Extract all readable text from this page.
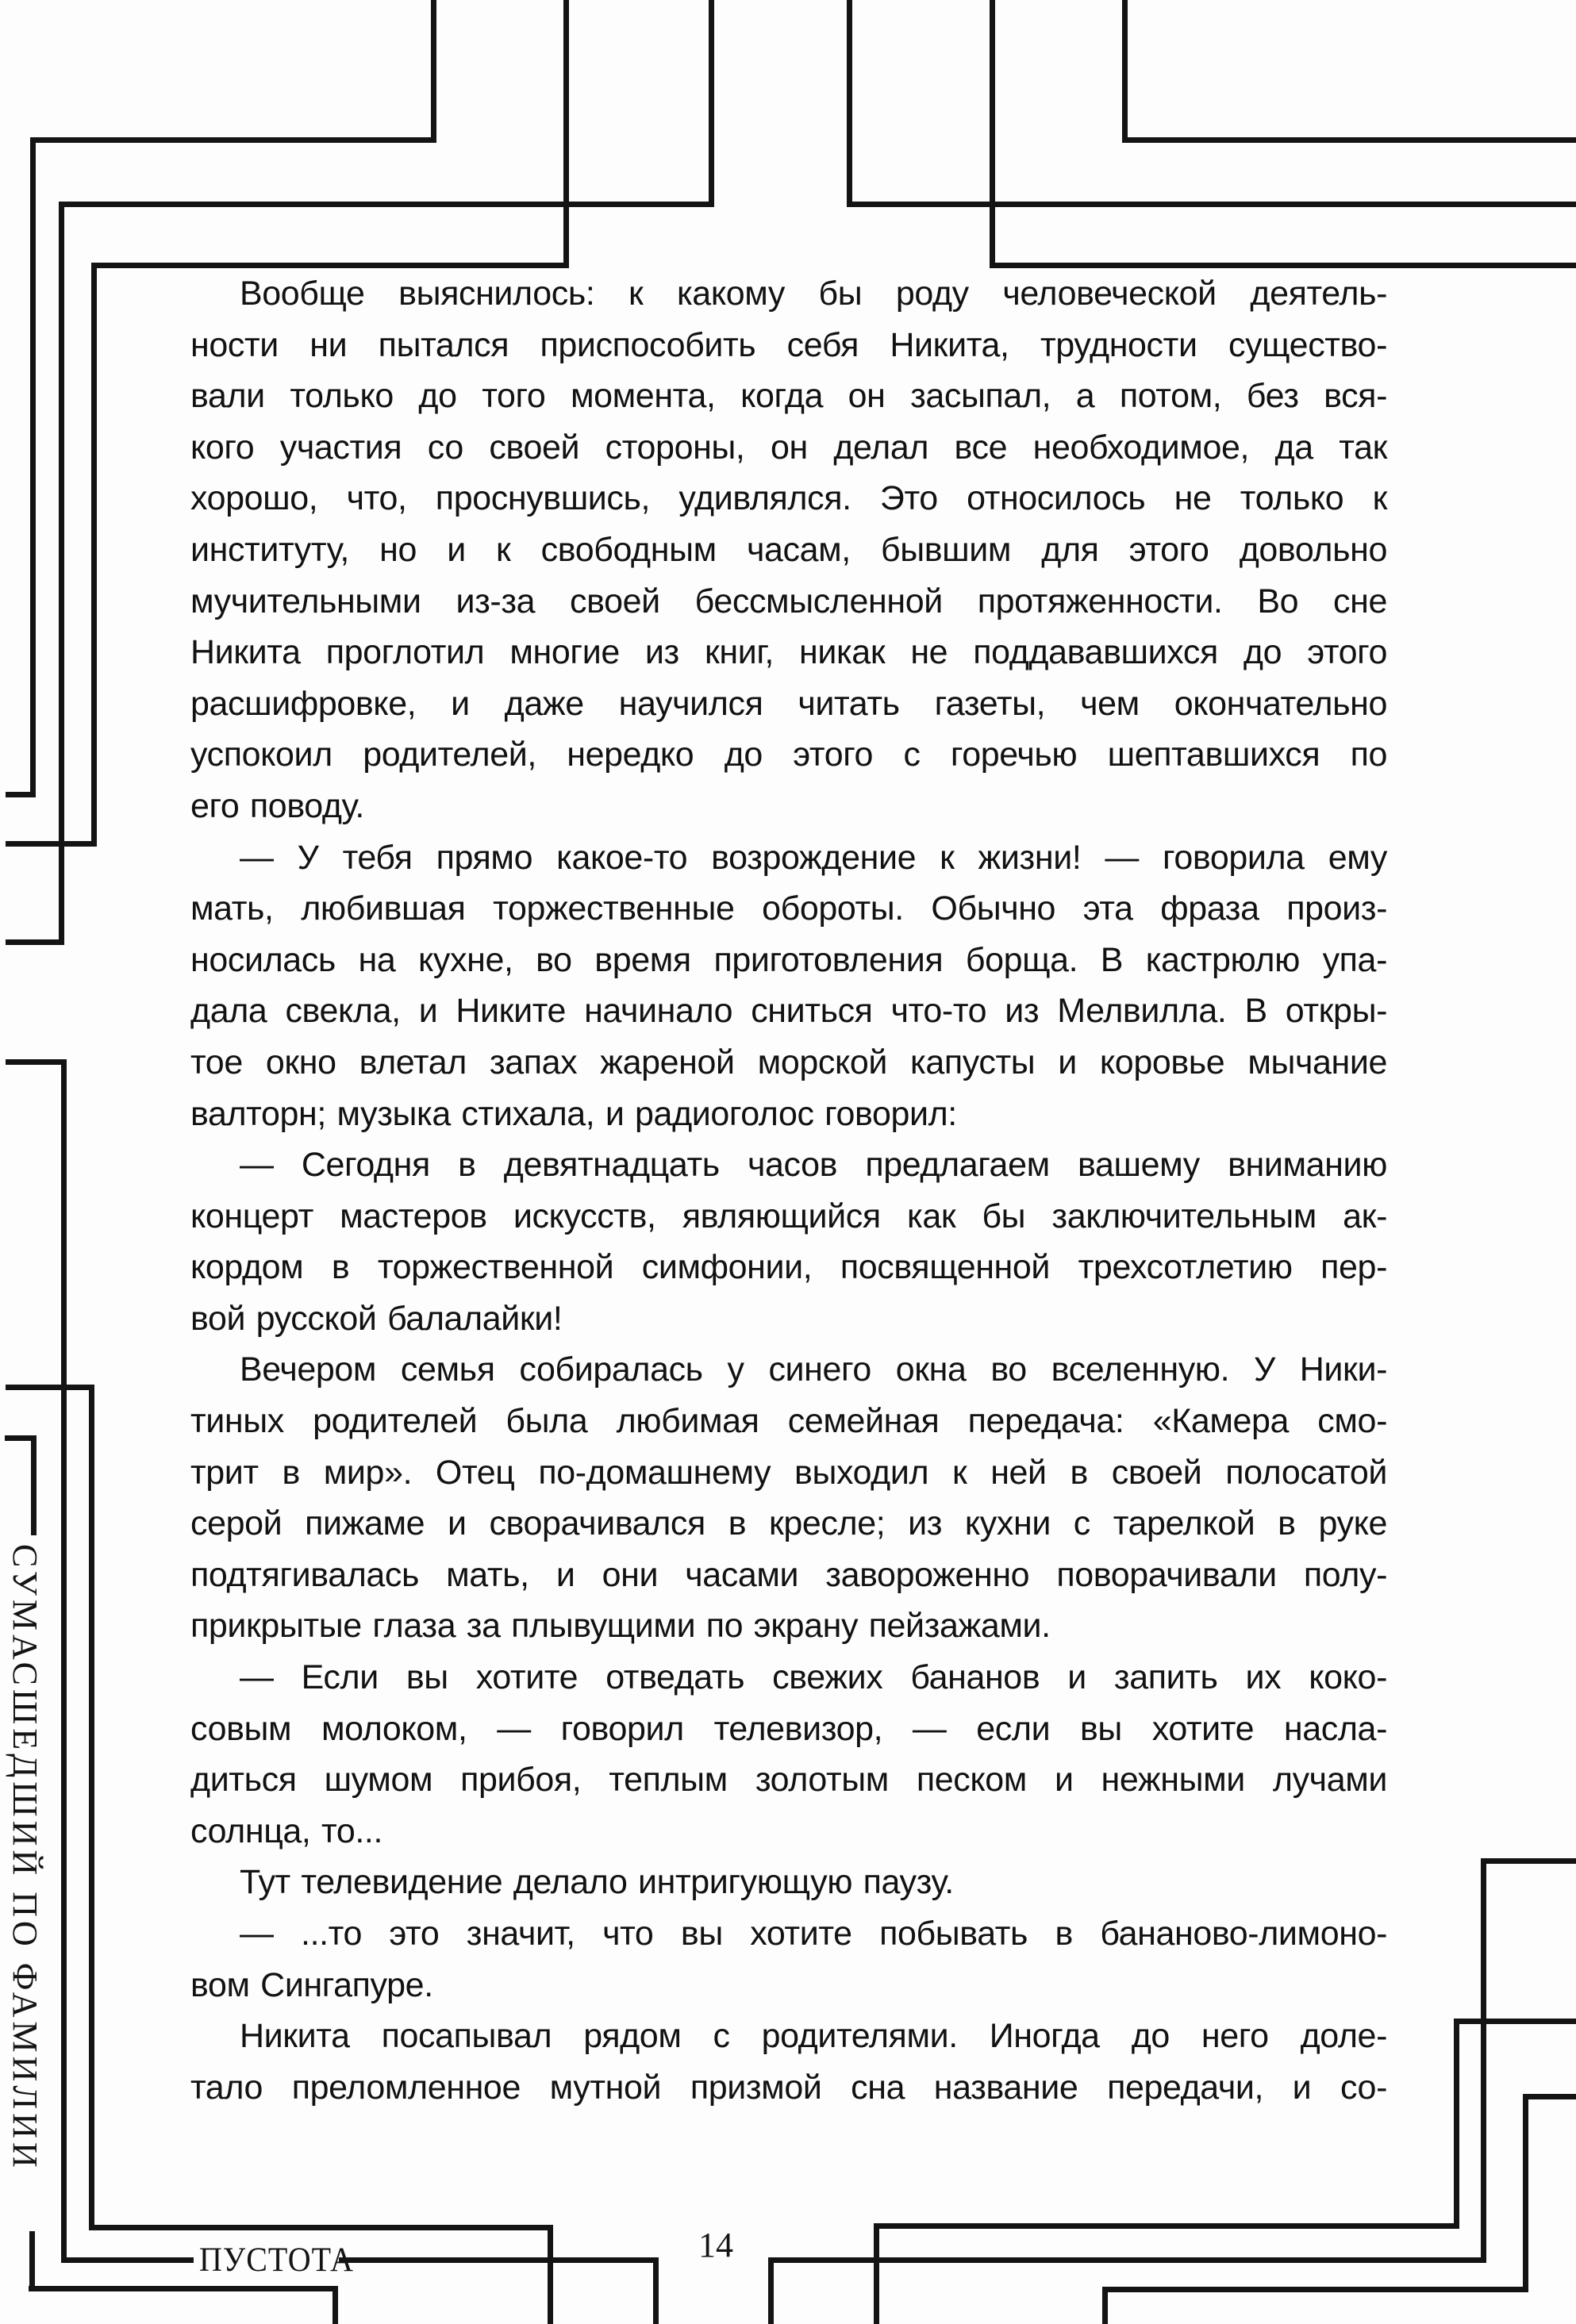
Вообще выяснилось: к какому бы роду человеческой деятель-
ности ни пытался приспособить себя Никита, трудности существо-
вали только до того момента, когда он засыпал, а потом, без вся-
кого участия со своей стороны, он делал все необходимое, да так
хорошо, что, проснувшись, удивлялся. Это относилось не только к
институту, но и к свободным часам, бывшим для этого довольно
мучительными из-за своей бессмысленной протяженности. Во сне
Никита проглотил многие из книг, никак не поддававшихся до этого
расшифровке, и даже научился читать газеты, чем окончательно
успокоил родителей, нередко до этого с горечью шептавшихся по
его поводу.
— У тебя прямо какое-то возрождение к жизни! — говорила ему
мать, любившая торжественные обороты. Обычно эта фраза произ-
носилась на кухне, во время приготовления борща. В кастрюлю упа-
дала свекла, и Никите начинало сниться что-то из Мелвилла. В откры-
тое окно влетал запах жареной морской капусты и коровье мычание
валторн; музыка стихала, и радиоголос говорил:
— Сегодня в девятнадцать часов предлагаем вашему вниманию
концерт мастеров искусств, являющийся как бы заключительным ак-
кордом в торжественной симфонии, посвященной трехсотлетию пер-
вой русской балалайки!
Вечером семья собиралась у синего окна во вселенную. У Ники-
тиных родителей была любимая семейная передача: «Камера смо-
трит в мир». Отец по-домашнему выходил к ней в своей полосатой
серой пижаме и сворачивался в кресле; из кухни с тарелкой в руке
подтягивалась мать, и они часами завороженно поворачивали полу-
прикрытые глаза за плывущими по экрану пейзажами.
— Если вы хотите отведать свежих бананов и запить их коко-
совым молоком, — говорил телевизор, — если вы хотите насла-
диться шумом прибоя, теплым золотым песком и нежными лучами
солнца, то...
Тут телевидение делало интригующую паузу.
— ...то это значит, что вы хотите побывать в бананово-лимоно-
вом Сингапуре.
Никита посапывал рядом с родителями. Иногда до него доле-
тало преломленное мутной призмой сна название передачи, и со-
СУМАСШЕДШИЙ ПО ФАМИЛИИ
ПУСТОТА	14
